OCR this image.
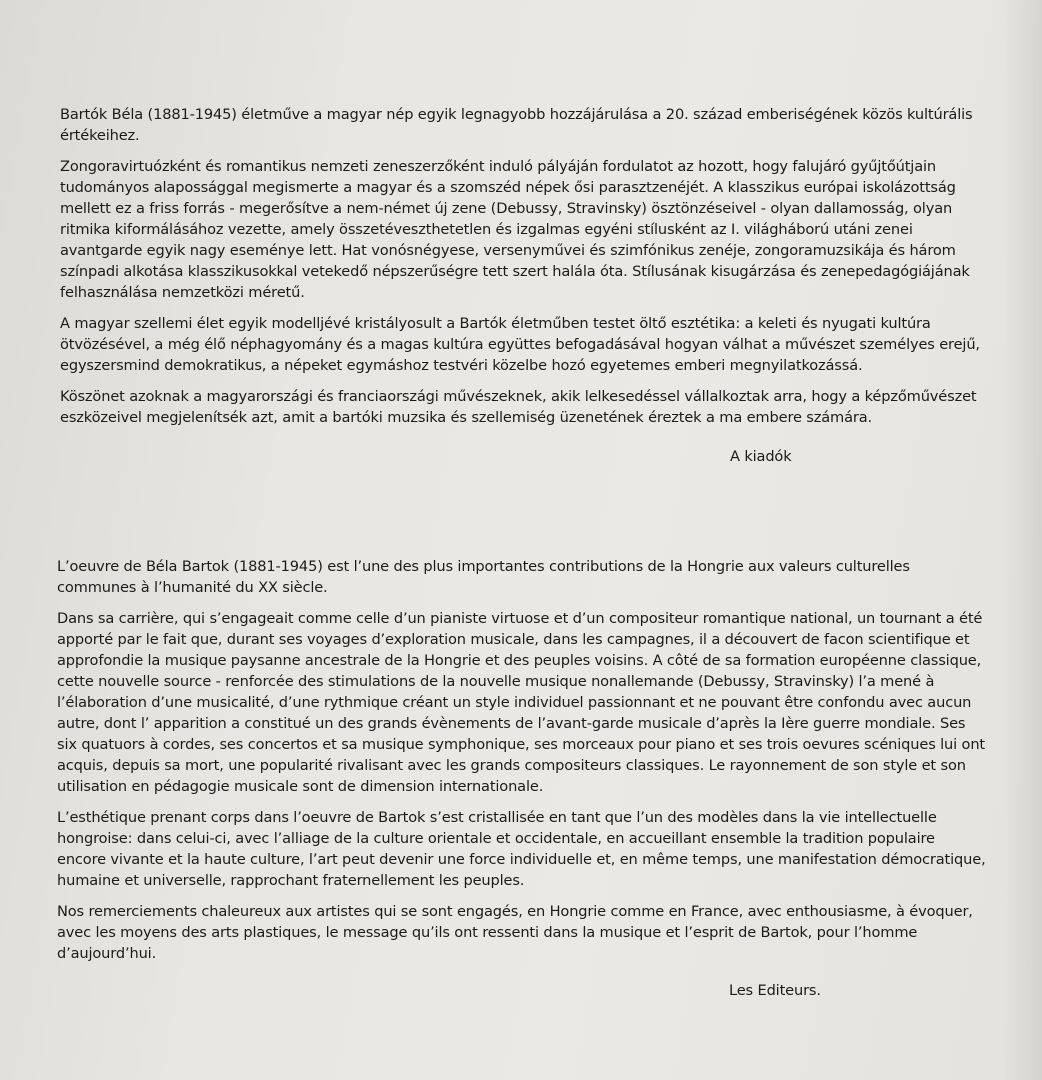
Bartók Béla (1881-1945) életműve a magyar nép egyik legnagyobb hozzájárulása a 20. század emberiségének közös kultúrális értékeihez.

Zongoravirtuózként és romantikus nemzeti zeneszerzőként induló pályáján fordulatot az hozott, hogy falujáró gyűjtőútjain tudományos alapossággal megismerte a magyar és a szomszéd népek ősi parasztzenéjét. A klasszikus európai iskolázottság mellett ez a friss forrás - megerősítve a nem-német új zene (Debussy, Stravinsky) ösztönzéseivel - olyan dallamosság, olyan ritmika kiformálásához vezette, amely összetéveszthetetlen és izgalmas egyéni stílusként az I. világháború utáni zenei avantgarde egyik nagy eseménye lett. Hat vonósnégyese, versenyművei és szimfónikus zenéje, zongoramuzsikája és három színpadi alkotása klasszikusokkal vetekedő népszerűségre tett szert halála óta. Stílusának kisugárzása és zenepedagógiájának felhasználása nemzetközi méretű.

A magyar szellemi élet egyik modelljévé kristályosult a Bartók életműben testet öltő esztétika: a keleti és nyugati kultúra ötvözésével, a még élő néphagyomány és a magas kultúra együttes befogadásával hogyan válhat a művészet személyes erejű, egyszersmind demokratikus, a népeket egymáshoz testvéri közelbe hozó egyetemes emberi megnyilatkozássá.

Köszönet azoknak a magyarországi és franciaországi művészeknek, akik lelkesedéssel vállalkoztak arra, hogy a képzőművészet eszközeivel megjelenítsék azt, amit a bartóki muzsika és szellemiség üzenetének éreztek a ma embere számára.

A kiadók

L’oeuvre de Béla Bartok (1881-1945) est l’une des plus importantes contributions de la Hongrie aux valeurs culturelles communes à l’humanité du XX siècle.

Dans sa carrière, qui s’engageait comme celle d’un pianiste virtuose et d’un compositeur romantique national, un tournant a été apporté par le fait que, durant ses voyages d’exploration musicale, dans les campagnes, il a découvert de facon scientifique et approfondie la musique paysanne ancestrale de la Hongrie et des peuples voisins. A côté de sa formation européenne classique, cette nouvelle source - renforcée des stimulations de la nouvelle musique nonallemande (Debussy, Stravinsky) l’a mené à l’élaboration d’une musicalité, d’une rythmique créant un style individuel passionnant et ne pouvant être confondu avec aucun autre, dont l’ apparition a constitué un des grands évènements de l’avant-garde musicale d’après la Ière guerre mondiale. Ses six quatuors à cordes, ses concertos et sa musique symphonique, ses morceaux pour piano et ses trois oevures scéniques lui ont acquis, depuis sa mort, une popularité rivalisant avec les grands compositeurs classiques. Le rayonnement de son style et son utilisation en pédagogie musicale sont de dimension internationale.

L’esthétique prenant corps dans l’oeuvre de Bartok s’est cristallisée en tant que l’un des modèles dans la vie intellectuelle hongroise: dans celui-ci, avec l’alliage de la culture orientale et occidentale, en accueillant ensemble la tradition populaire encore vivante et la haute culture, l’art peut devenir une force individuelle et, en même temps, une manifestation démocratique, humaine et universelle, rapprochant fraternellement les peuples.

Nos remerciements chaleureux aux artistes qui se sont engagés, en Hongrie comme en France, avec enthousiasme, à évoquer, avec les moyens des arts plastiques, le message qu’ils ont ressenti dans la musique et l’esprit de Bartok, pour l’homme d’aujourd’hui.

Les Editeurs.
